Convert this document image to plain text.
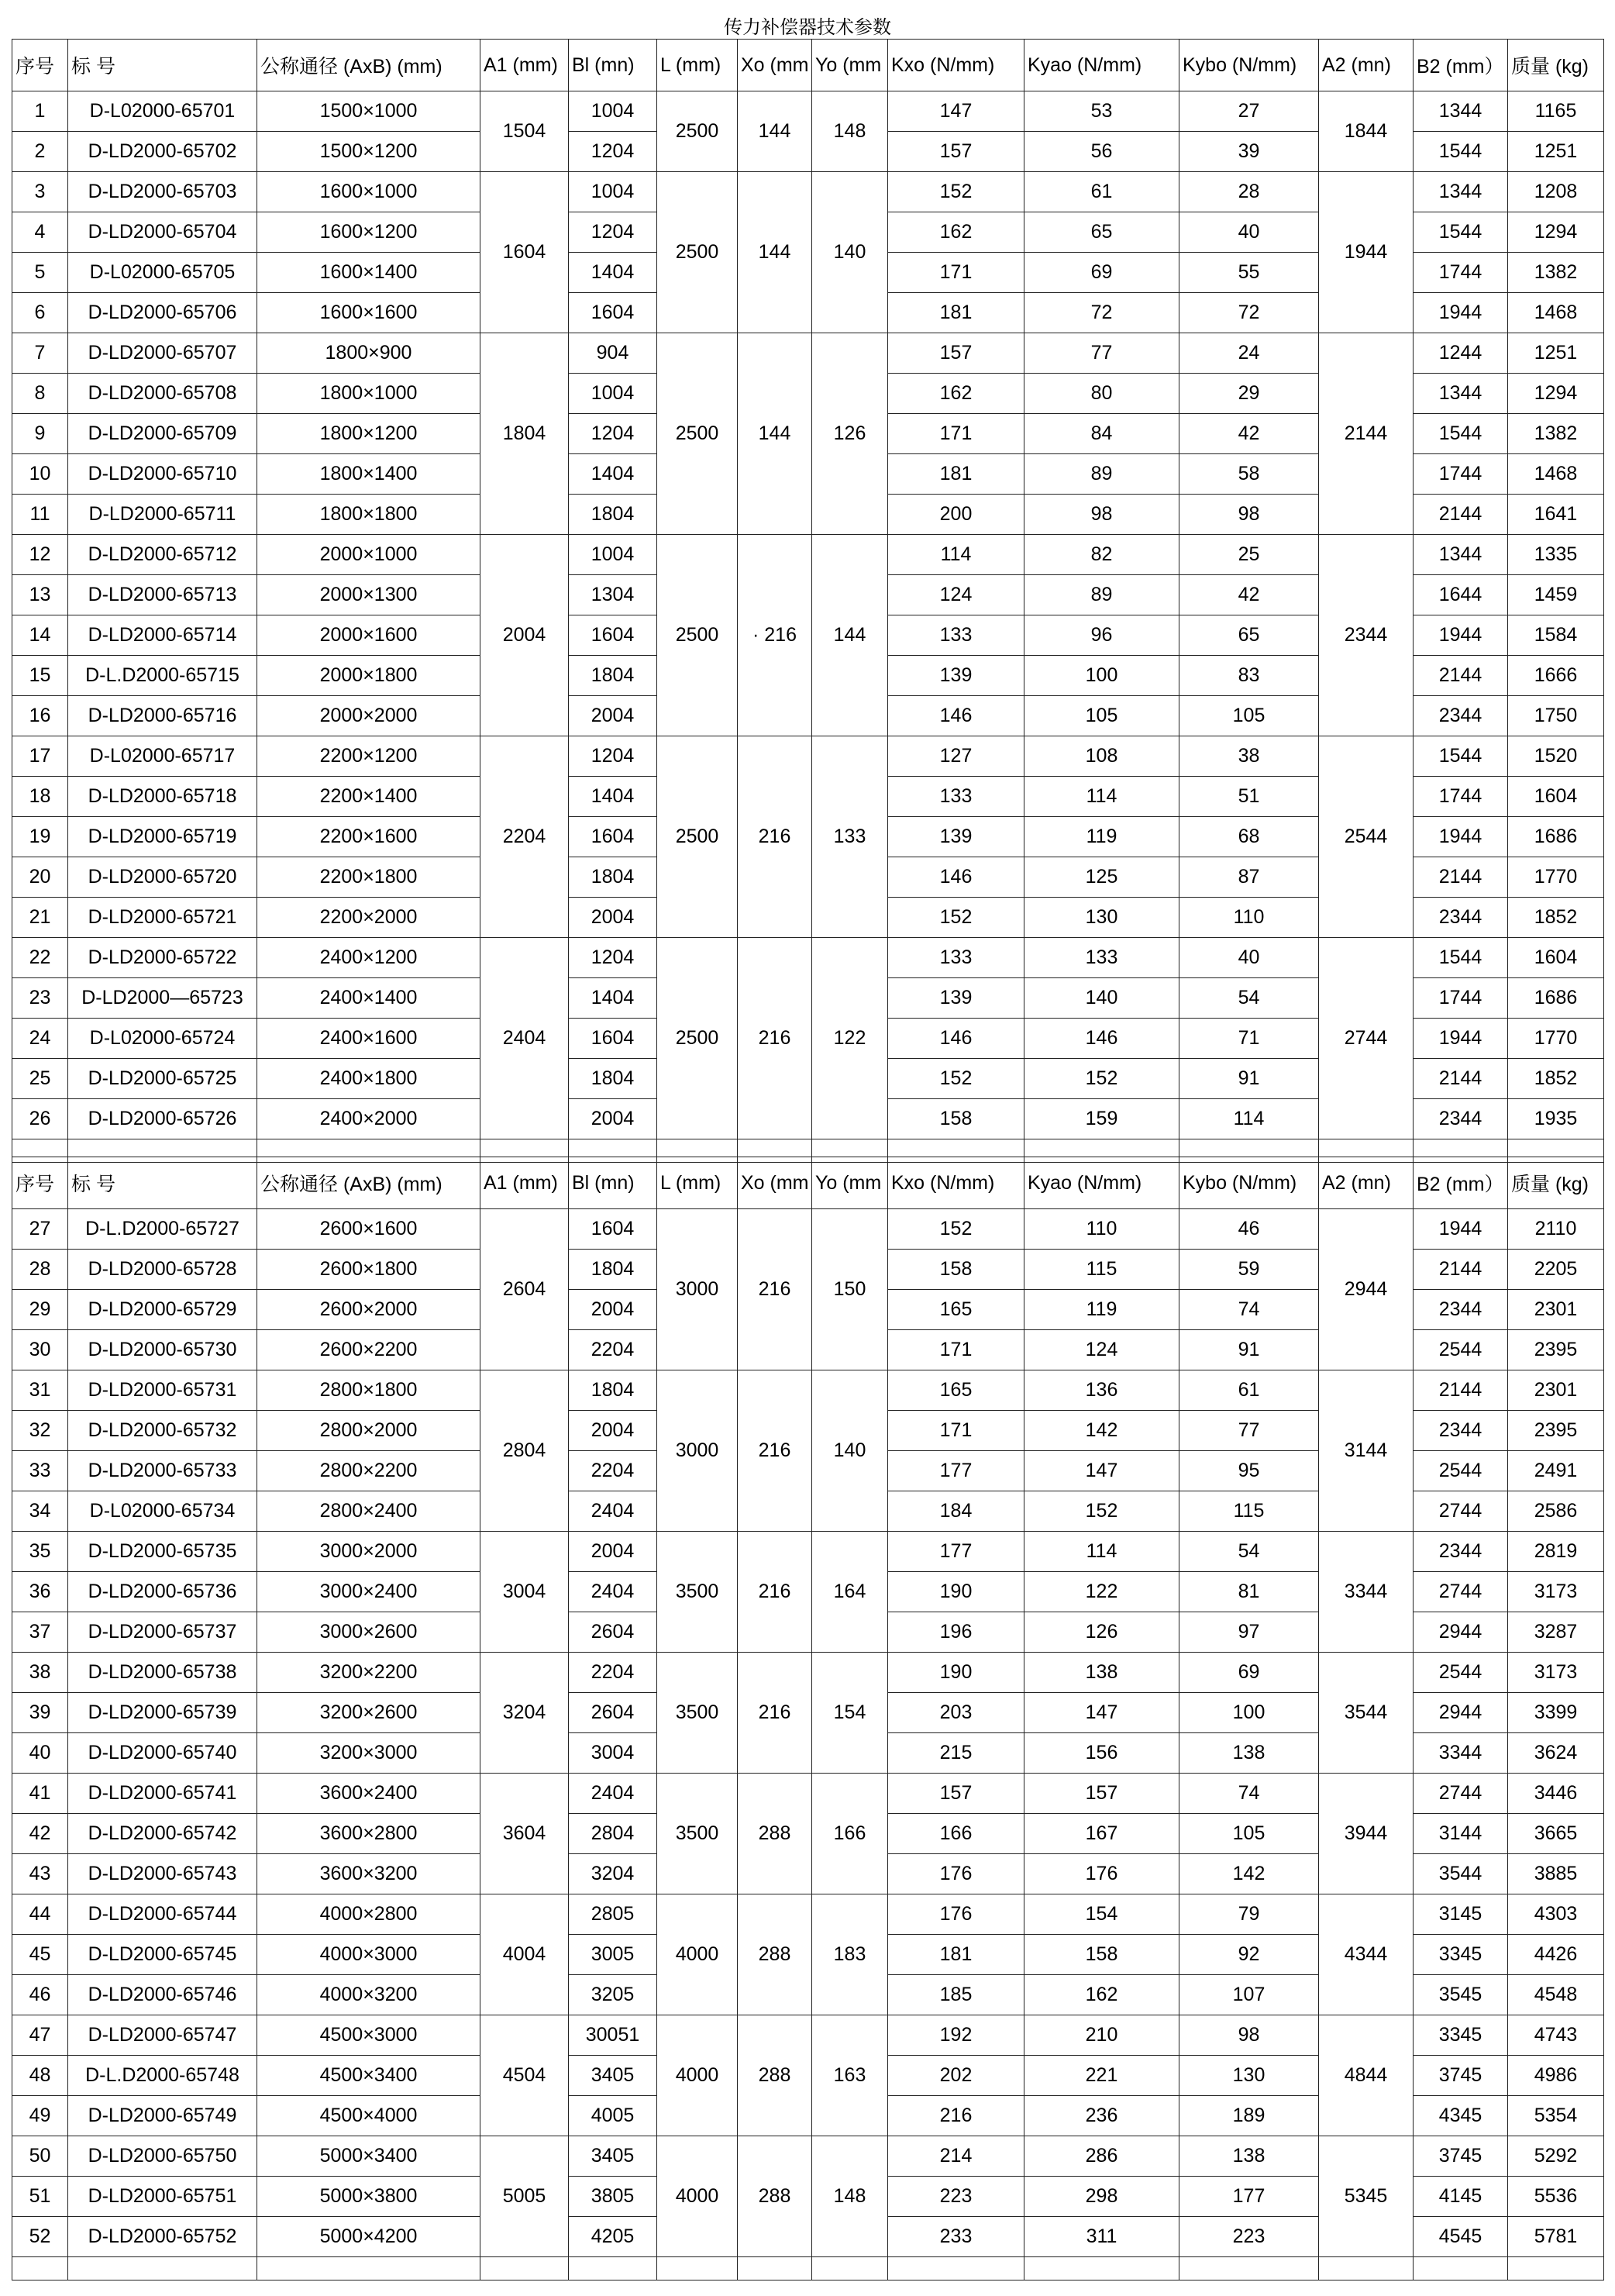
传力补偿器技术参数
序号	标 号	公称通径 (AxB) (mm)	A1 (mm)	Bl (mn)	L (mm)	Xo (mm	Yo (mm	Kxo (N/mm)	Kyao (N/mm)	Kybo (N/mm)	A2 (mn)	B2 (mm）	质量 (kg)
1	D-L02000-65701	1500×1000	1504	1004	2500	144	148	147	53	27	1844	1344	1165
2	D-LD2000-65702	1500×1200		1204				157	56	39		1544	1251
3	D-LD2000-65703	1600×1000	1604	1004	2500	144	140	152	61	28	1944	1344	1208
4	D-LD2000-65704	1600×1200		1204				162	65	40		1544	1294
5	D-L02000-65705	1600×1400		1404				171	69	55		1744	1382
6	D-LD2000-65706	1600×1600		1604				181	72	72		1944	1468
7	D-LD2000-65707	1800×900	1804	904	2500	144	126	157	77	24	2144	1244	1251
8	D-LD2000-65708	1800×1000		1004				162	80	29		1344	1294
9	D-LD2000-65709	1800×1200		1204				171	84	42		1544	1382
10	D-LD2000-65710	1800×1400		1404				181	89	58		1744	1468
11	D-LD2000-65711	1800×1800		1804				200	98	98		2144	1641
12	D-LD2000-65712	2000×1000	2004	1004	2500	· 216	144	114	82	25	2344	1344	1335
13	D-LD2000-65713	2000×1300		1304				124	89	42		1644	1459
14	D-LD2000-65714	2000×1600		1604				133	96	65		1944	1584
15	D-L.D2000-65715	2000×1800		1804				139	100	83		2144	1666
16	D-LD2000-65716	2000×2000		2004				146	105	105		2344	1750
17	D-L02000-65717	2200×1200	2204	1204	2500	216	133	127	108	38	2544	1544	1520
18	D-LD2000-65718	2200×1400		1404				133	114	51		1744	1604
19	D-LD2000-65719	2200×1600		1604				139	119	68		1944	1686
20	D-LD2000-65720	2200×1800		1804				146	125	87		2144	1770
21	D-LD2000-65721	2200×2000		2004				152	130	110		2344	1852
22	D-LD2000-65722	2400×1200	2404	1204	2500	216	122	133	133	40	2744	1544	1604
23	D-LD2000—65723	2400×1400		1404				139	140	54		1744	1686
24	D-L02000-65724	2400×1600		1604				146	146	71		1944	1770
25	D-LD2000-65725	2400×1800		1804				152	152	91		2144	1852
26	D-LD2000-65726	2400×2000		2004				158	159	114		2344	1935

序号	标 号	公称通径 (AxB) (mm)	A1 (mm)	Bl (mn)	L (mm)	Xo (mm	Yo (mm	Kxo (N/mm)	Kyao (N/mm)	Kybo (N/mm)	A2 (mn)	B2 (mm）	质量 (kg)
27	D-L.D2000-65727	2600×1600	2604	1604	3000	216	150	152	110	46	2944	1944	2110
28	D-LD2000-65728	2600×1800		1804				158	115	59		2144	2205
29	D-LD2000-65729	2600×2000		2004				165	119	74		2344	2301
30	D-LD2000-65730	2600×2200		2204				171	124	91		2544	2395
31	D-LD2000-65731	2800×1800	2804	1804	3000	216	140	165	136	61	3144	2144	2301
32	D-LD2000-65732	2800×2000		2004				171	142	77		2344	2395
33	D-LD2000-65733	2800×2200		2204				177	147	95		2544	2491
34	D-L02000-65734	2800×2400		2404				184	152	115		2744	2586
35	D-LD2000-65735	3000×2000	3004	2004	3500	216	164	177	114	54	3344	2344	2819
36	D-LD2000-65736	3000×2400		2404				190	122	81		2744	3173
37	D-LD2000-65737	3000×2600		2604				196	126	97		2944	3287
38	D-LD2000-65738	3200×2200	3204	2204	3500	216	154	190	138	69	3544	2544	3173
39	D-LD2000-65739	3200×2600		2604				203	147	100		2944	3399
40	D-LD2000-65740	3200×3000		3004				215	156	138		3344	3624
41	D-LD2000-65741	3600×2400	3604	2404	3500	288	166	157	157	74	3944	2744	3446
42	D-LD2000-65742	3600×2800		2804				166	167	105		3144	3665
43	D-LD2000-65743	3600×3200		3204				176	176	142		3544	3885
44	D-LD2000-65744	4000×2800	4004	2805	4000	288	183	176	154	79	4344	3145	4303
45	D-LD2000-65745	4000×3000		3005				181	158	92		3345	4426
46	D-LD2000-65746	4000×3200		3205				185	162	107		3545	4548
47	D-LD2000-65747	4500×3000	4504	30051	4000	288	163	192	210	98	4844	3345	4743
48	D-L.D2000-65748	4500×3400		3405				202	221	130		3745	4986
49	D-LD2000-65749	4500×4000		4005				216	236	189		4345	5354
50	D-LD2000-65750	5000×3400	5005	3405	4000	288	148	214	286	138	5345	3745	5292
51	D-LD2000-65751	5000×3800		3805				223	298	177		4145	5536
52	D-LD2000-65752	5000×4200		4205				233	311	223		4545	5781
